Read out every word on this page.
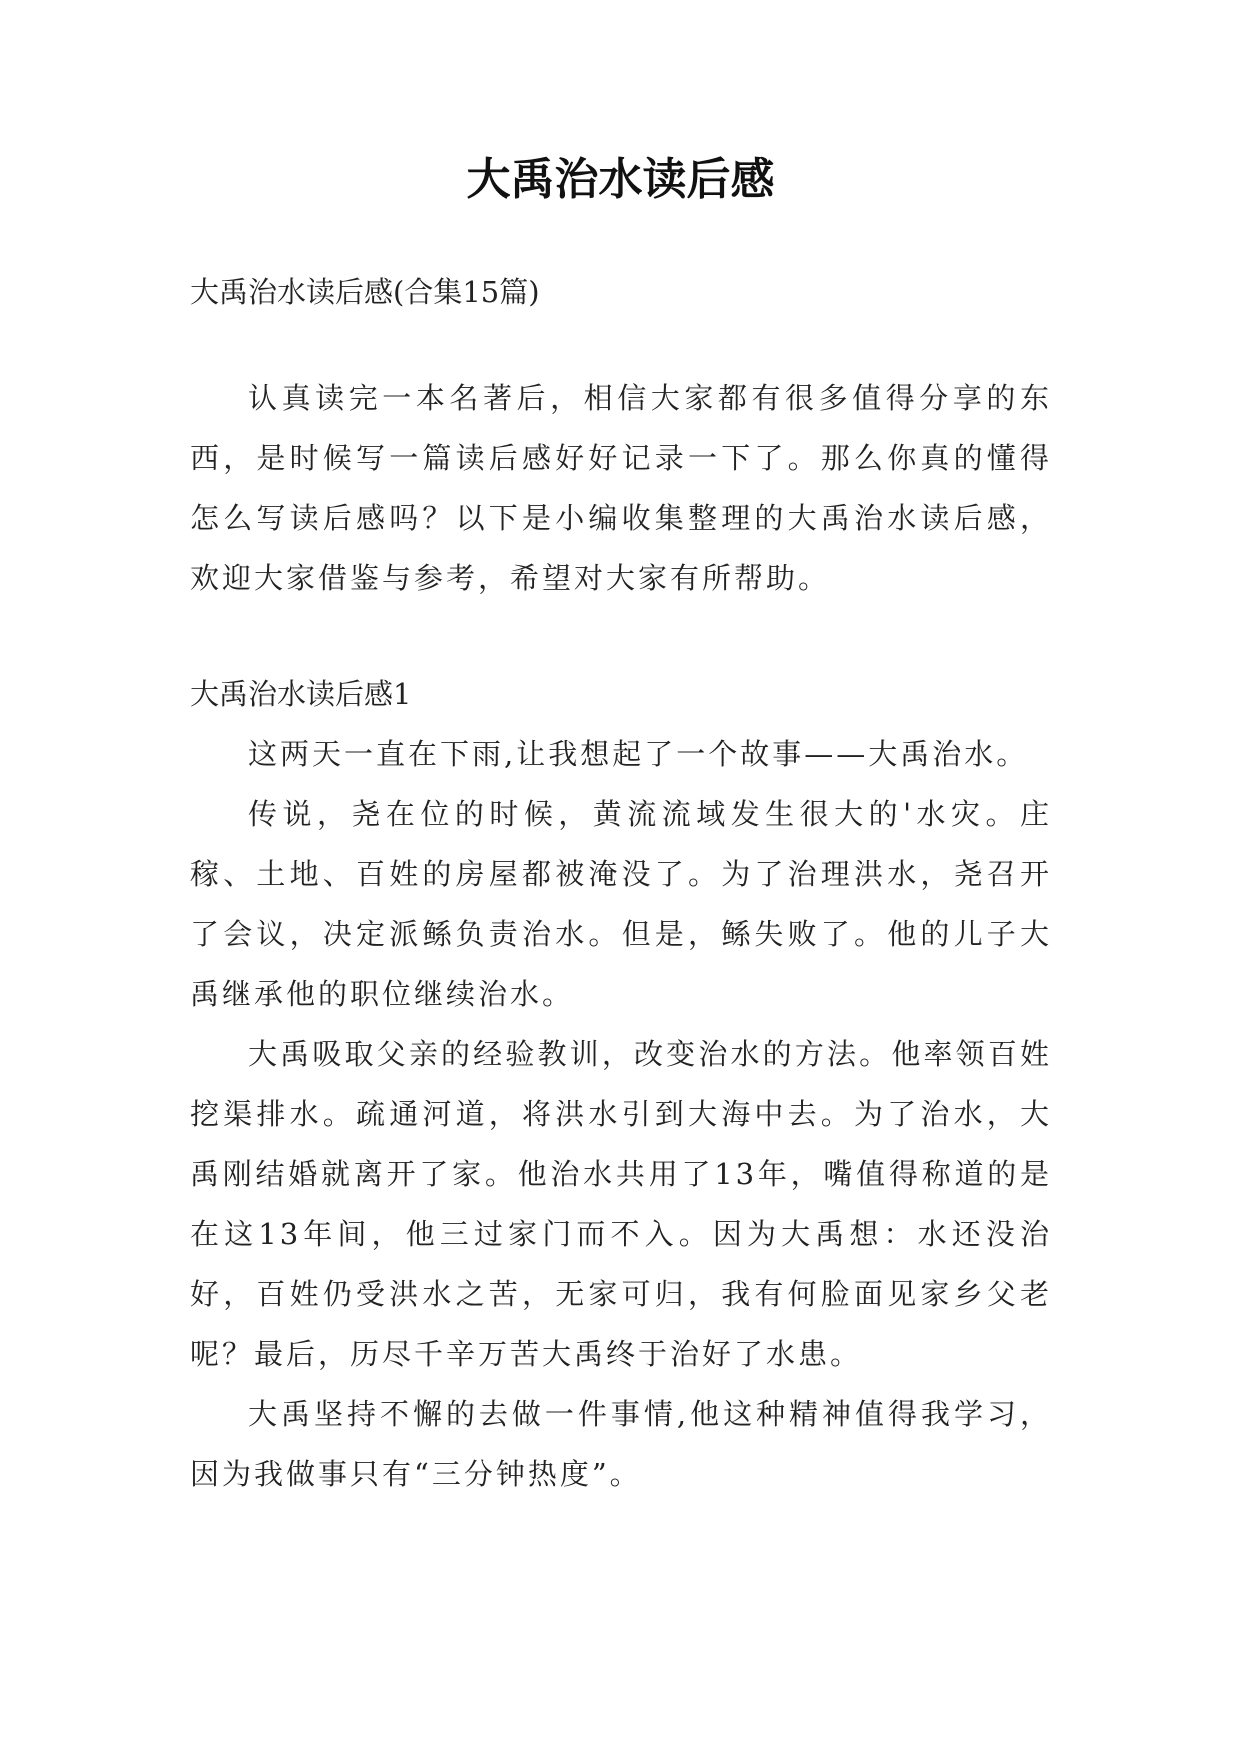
大禹治水读后感

大禹治水读后感(合集15篇)

认真读完一本名著后，相信大家都有很多值得分享的东西，是时候写一篇读后感好好记录一下了。那么你真的懂得怎么写读后感吗？以下是小编收集整理的大禹治水读后感，欢迎大家借鉴与参考，希望对大家有所帮助。

大禹治水读后感1

这两天一直在下雨,让我想起了一个故事——大禹治水。

传说，尧在位的时候，黄流流域发生很大的'水灾。庄稼、土地、百姓的房屋都被淹没了。为了治理洪水，尧召开了会议，决定派鲧负责治水。但是，鲧失败了。他的儿子大禹继承他的职位继续治水。

大禹吸取父亲的经验教训，改变治水的方法。他率领百姓挖渠排水。疏通河道，将洪水引到大海中去。为了治水，大禹刚结婚就离开了家。他治水共用了13年，嘴值得称道的是在这13年间，他三过家门而不入。因为大禹想：水还没治好，百姓仍受洪水之苦，无家可归，我有何脸面见家乡父老呢？最后，历尽千辛万苦大禹终于治好了水患。

大禹坚持不懈的去做一件事情,他这种精神值得我学习，因为我做事只有“三分钟热度”。
